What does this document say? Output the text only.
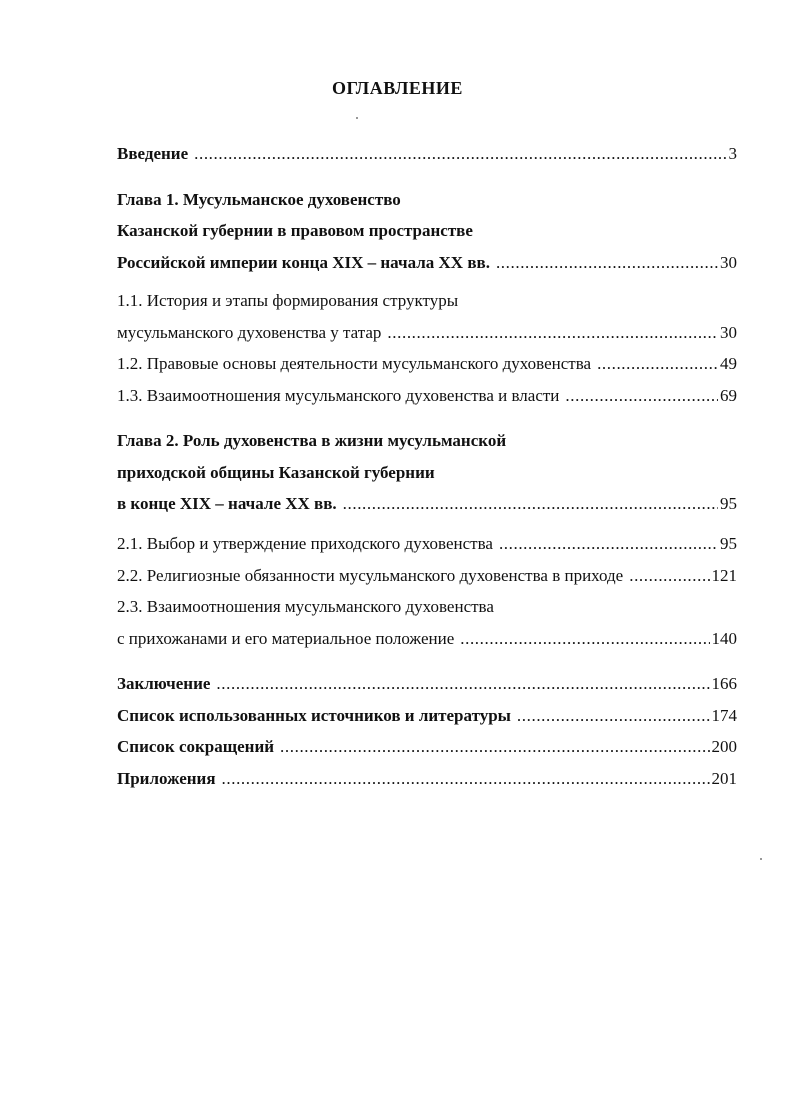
ОГЛАВЛЕНИЕ
Введение .....	3
Глава 1. Мусульманское духовенство
Казанской губернии в правовом пространстве
Российской империи конца XIX – начала XX вв. .....	30
1.1. История и этапы формирования структуры
мусульманского духовенства у татар .....	30
1.2. Правовые основы деятельности мусульманского духовенства .....	49
1.3. Взаимоотношения мусульманского духовенства и власти .....	69
Глава 2. Роль духовенства в жизни мусульманской
приходской общины Казанской губернии
в конце XIX – начале XX вв. .....	95
2.1. Выбор и утверждение приходского духовенства .....	95
2.2. Религиозные обязанности мусульманского духовенства в приходе .....	121
2.3. Взаимоотношения мусульманского духовенства
с прихожанами и его материальное положение .....	140
Заключение .....	166
Список использованных источников и литературы .....	174
Список сокращений .....	200
Приложения .....	201
